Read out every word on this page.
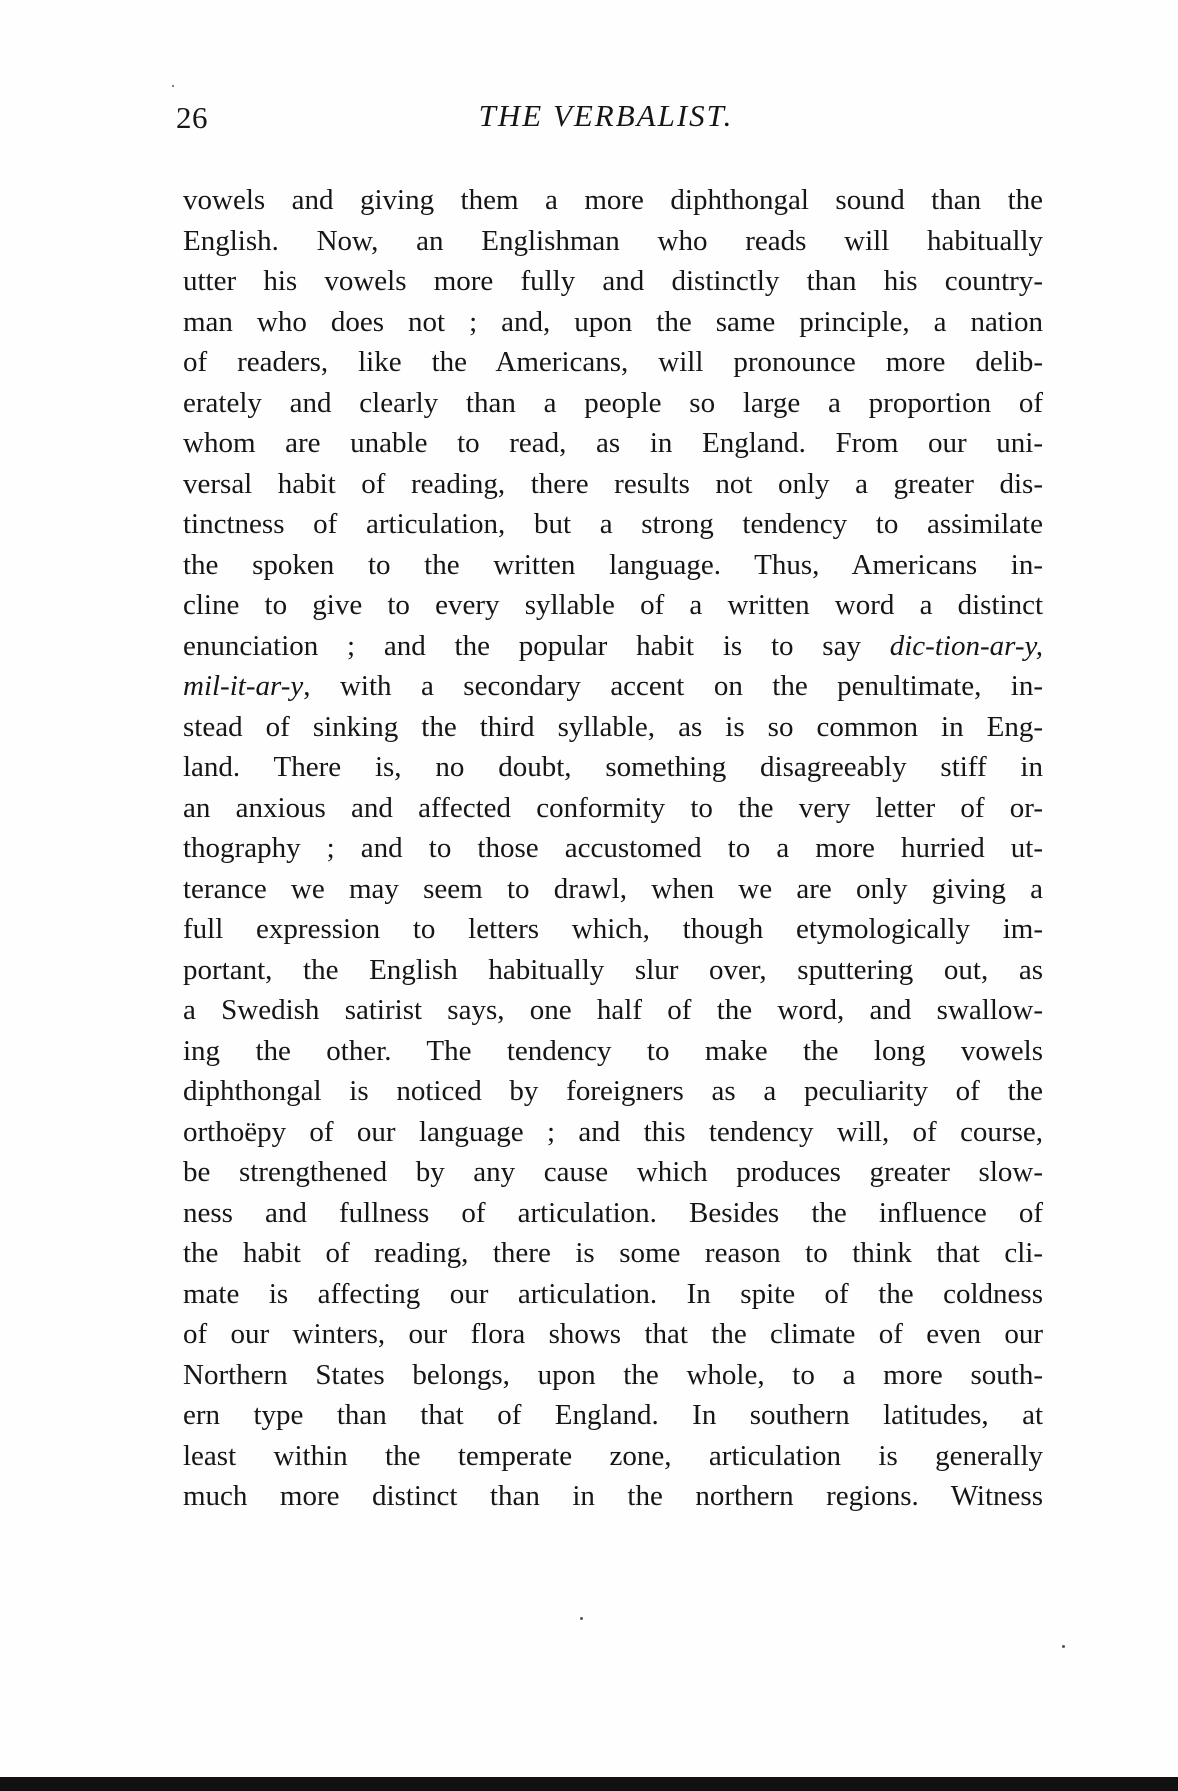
26	THE VERBALIST.
vowels and giving them a more diphthongal sound than the
English. Now, an Englishman who reads will habitually
utter his vowels more fully and distinctly than his country-
man who does not ; and, upon the same principle, a nation
of readers, like the Americans, will pronounce more delib-
erately and clearly than a people so large a proportion of
whom are unable to read, as in England. From our uni-
versal habit of reading, there results not only a greater dis-
tinctness of articulation, but a strong tendency to assimilate
the spoken to the written language. Thus, Americans in-
cline to give to every syllable of a written word a distinct
enunciation ; and the popular habit is to say dic-tion-ar-y,
mil-it-ar-y, with a secondary accent on the penultimate, in-
stead of sinking the third syllable, as is so common in Eng-
land. There is, no doubt, something disagreeably stiff in
an anxious and affected conformity to the very letter of or-
thography ; and to those accustomed to a more hurried ut-
terance we may seem to drawl, when we are only giving a
full expression to letters which, though etymologically im-
portant, the English habitually slur over, sputtering out, as
a Swedish satirist says, one half of the word, and swallow-
ing the other. The tendency to make the long vowels
diphthongal is noticed by foreigners as a peculiarity of the
orthoëpy of our language ; and this tendency will, of course,
be strengthened by any cause which produces greater slow-
ness and fullness of articulation. Besides the influence of
the habit of reading, there is some reason to think that cli-
mate is affecting our articulation. In spite of the coldness
of our winters, our flora shows that the climate of even our
Northern States belongs, upon the whole, to a more south-
ern type than that of England. In southern latitudes, at
least within the temperate zone, articulation is generally
much more distinct than in the northern regions. Witness
